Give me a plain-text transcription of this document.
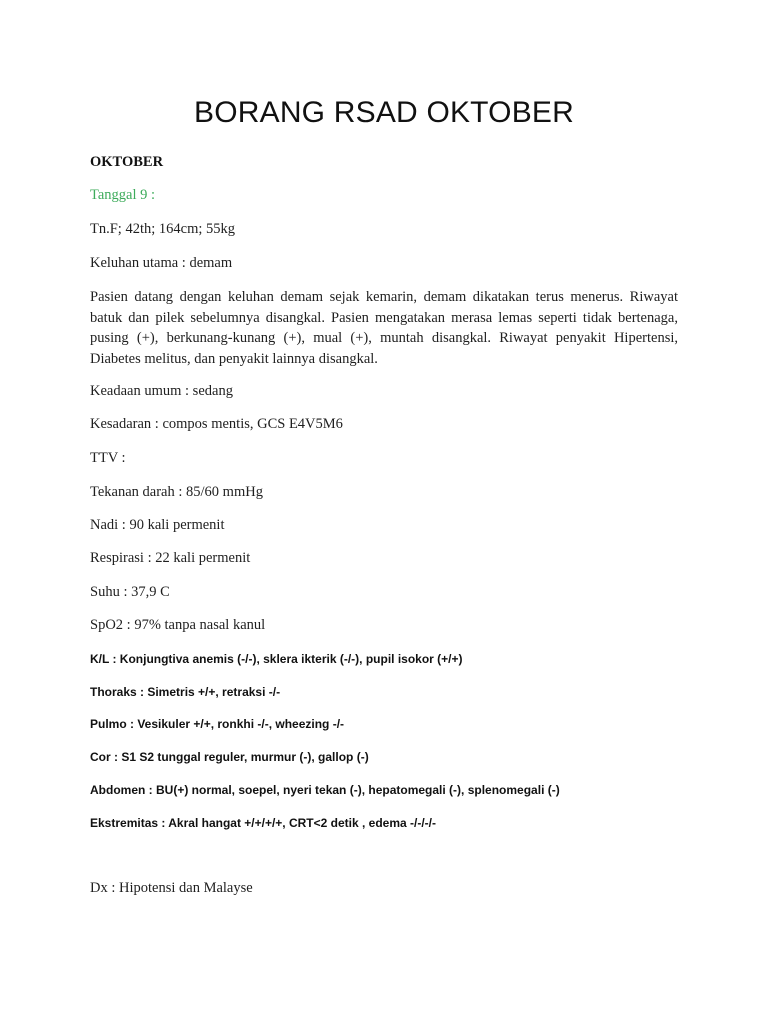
BORANG RSAD OKTOBER

OKTOBER

Tanggal 9 :

Tn.F; 42th; 164cm; 55kg

Keluhan utama : demam

Pasien datang dengan keluhan demam sejak kemarin, demam dikatakan terus menerus. Riwayat batuk dan pilek sebelumnya disangkal. Pasien mengatakan merasa lemas seperti tidak bertenaga, pusing (+), berkunang-kunang (+), mual (+), muntah disangkal. Riwayat penyakit Hipertensi, Diabetes melitus, dan penyakit lainnya disangkal.

Keadaan umum : sedang

Kesadaran : compos mentis, GCS E4V5M6

TTV :

Tekanan darah : 85/60 mmHg

Nadi : 90 kali permenit

Respirasi : 22 kali permenit

Suhu : 37,9 C

SpO2 : 97% tanpa nasal kanul

K/L : Konjungtiva anemis (-/-), sklera ikterik (-/-), pupil isokor (+/+)

Thoraks : Simetris +/+, retraksi -/-

Pulmo : Vesikuler +/+, ronkhi -/-, wheezing -/-

Cor : S1 S2 tunggal reguler, murmur (-), gallop (-)

Abdomen : BU(+) normal, soepel, nyeri tekan (-), hepatomegali (-), splenomegali (-)

Ekstremitas : Akral hangat +/+/+/+, CRT<2 detik , edema -/-/-/-

Dx : Hipotensi dan Malayse
